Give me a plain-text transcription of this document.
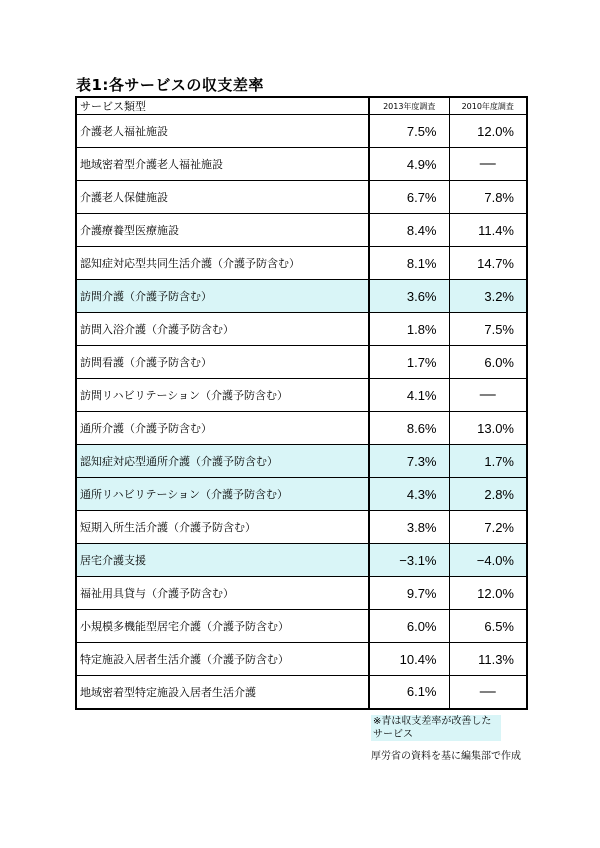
表1:各サービスの収支差率
サービス類型	2013年度調査	2010年度調査
介護老人福祉施設	7.5%	12.0%
地域密着型介護老人福祉施設	4.9%	—
介護老人保健施設	6.7%	7.8%
介護療養型医療施設	8.4%	11.4%
認知症対応型共同生活介護（介護予防含む）	8.1%	14.7%
訪問介護（介護予防含む）	3.6%	3.2%
訪問入浴介護（介護予防含む）	1.8%	7.5%
訪問看護（介護予防含む）	1.7%	6.0%
訪問リハビリテーション（介護予防含む）	4.1%	—
通所介護（介護予防含む）	8.6%	13.0%
認知症対応型通所介護（介護予防含む）	7.3%	1.7%
通所リハビリテーション（介護予防含む）	4.3%	2.8%
短期入所生活介護（介護予防含む）	3.8%	7.2%
居宅介護支援	−3.1%	−4.0%
福祉用具貸与（介護予防含む）	9.7%	12.0%
小規模多機能型居宅介護（介護予防含む）	6.0%	6.5%
特定施設入居者生活介護（介護予防含む）	10.4%	11.3%
地域密着型特定施設入居者生活介護	6.1%	—
※青は収支差率が改善したサービス
厚労省の資料を基に編集部で作成
